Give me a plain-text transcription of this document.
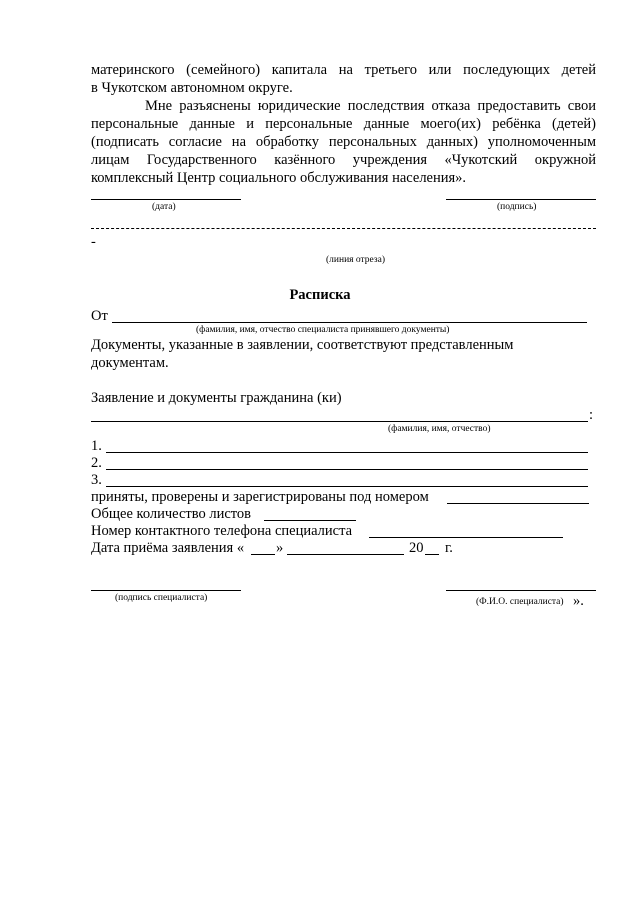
материнского (семейного) капитала на третьего или последующих детей
в Чукотском автономном округе.
Мне разъяснены юридические последствия отказа предоставить свои
персональные данные и персональные данные моего(их) ребёнка (детей)
(подписать согласие на обработку персональных данных) уполномоченным
лицам Государственного казённого учреждения «Чукотский окружной
комплексный Центр социального обслуживания населения».
(дата)	(подпись)
-
(линия отреза)
Расписка
От
(фамилия, имя, отчество специалиста принявшего документы)
Документы, указанные в заявлении, соответствуют представленным
документам.
Заявление и документы гражданина (ки)
:
(фамилия, имя, отчество)
1.
2.
3.
приняты, проверены и зарегистрированы под номером
Общее количество листов
Номер контактного телефона специалиста
Дата приёма заявления « »	20 г.
(подпись специалиста)	(Ф.И.О. специалиста) ».
